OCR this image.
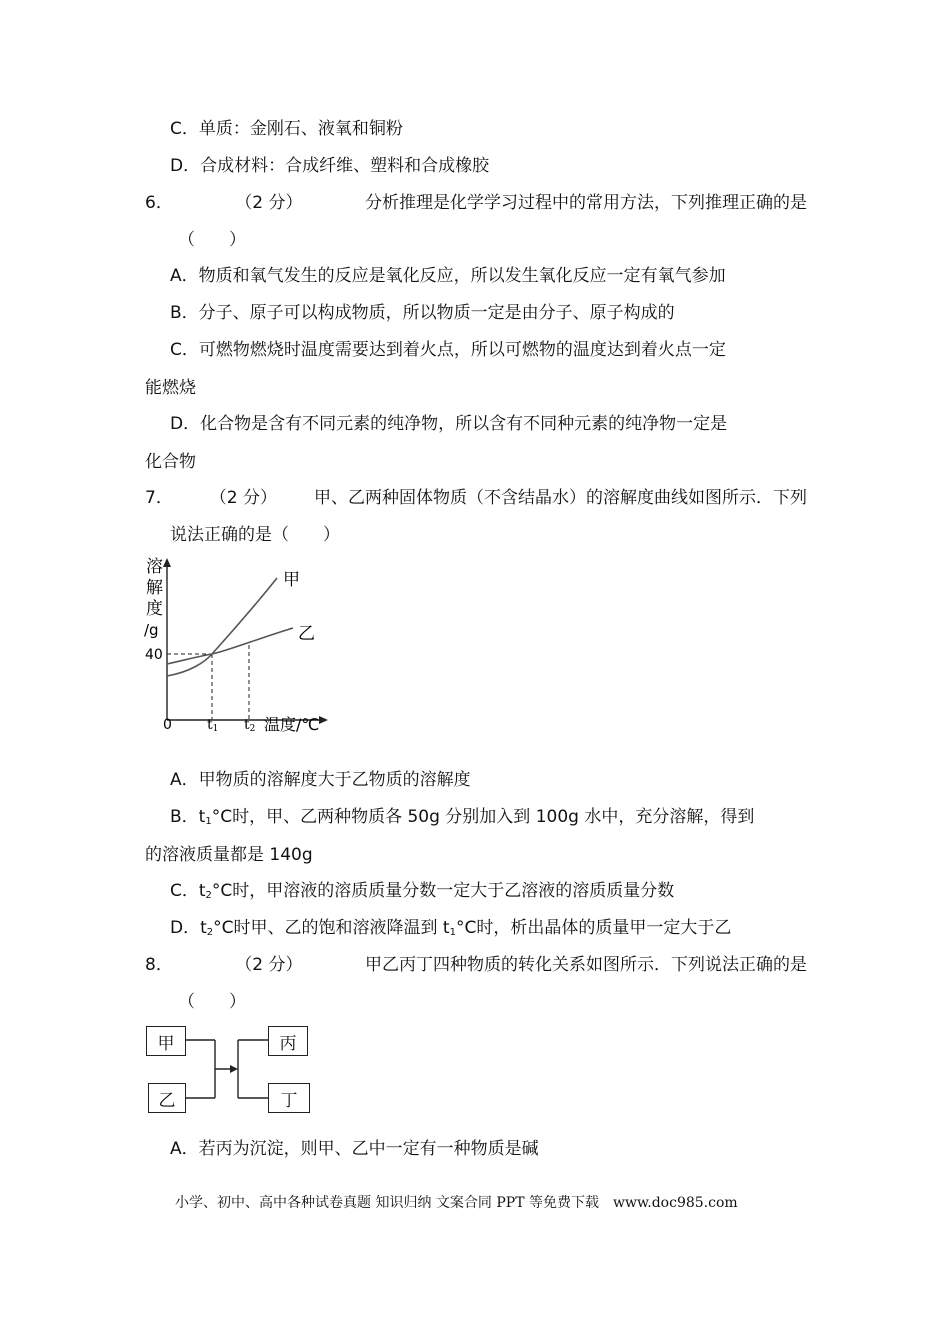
C．单质：金刚石、液氧和铜粉
D．合成材料：合成纤维、塑料和合成橡胶
6．	（2 分）	分析推理是化学学习过程中的常用方法，下列推理正确的是
（　　）
A．物质和氧气发生的反应是氧化反应，所以发生氧化反应一定有氧气参加
B．分子、原子可以构成物质，所以物质一定是由分子、原子构成的
C．可燃物燃烧时温度需要达到着火点，所以可燃物的温度达到着火点一定
能燃烧
D．化合物是含有不同元素的纯净物，所以含有不同种元素的纯净物一定是
化合物
7． （2 分） 甲、乙两种固体物质（不含结晶水）的溶解度曲线如图所示．下列
说法正确的是（　　）
溶
解
度
/g
40
0	t1 t2 温度/℃
甲
乙
A．甲物质的溶解度大于乙物质的溶解度
B．$t_1^\circ C$时，甲、乙两种物质各 50g 分别加入到 100g 水中，充分溶解，得到
的溶液质量都是 140g
C．$t_2^\circ C$时，甲溶液的溶质质量分数一定大于乙溶液的溶质质量分数
D．$t_2^\circ C$时甲、乙的饱和溶液降温到 $t_1^\circ C$时，析出晶体的质量甲一定大于乙
8．	（2 分）	甲乙丙丁四种物质的转化关系如图所示．下列说法正确的是
（　　）
甲
乙
丙
丁
A．若丙为沉淀，则甲、乙中一定有一种物质是碱
小学、初中、高中各种试卷真题 知识归纳 文案合同 PPT 等免费下载　www.doc985.com
